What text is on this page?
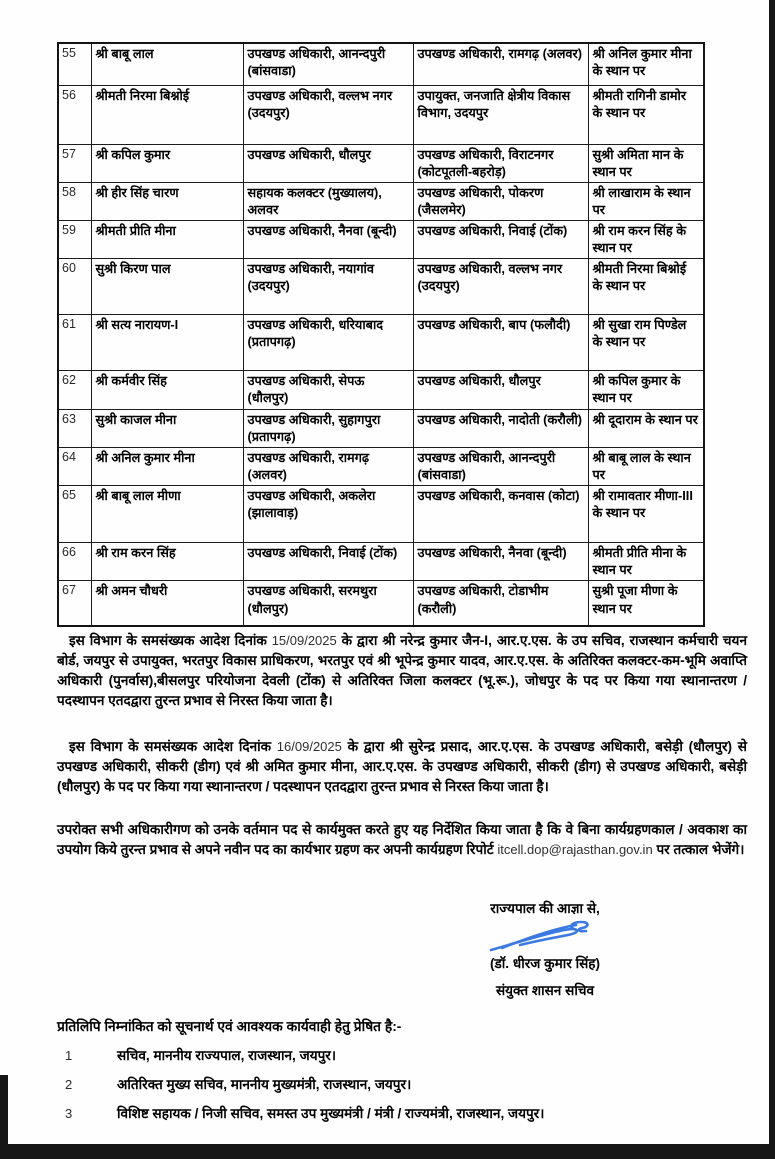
55	श्री बाबू लाल	उपखण्ड अधिकारी, आनन्दपुरी (बांसवाडा)	उपखण्ड अधिकारी, रामगढ़ (अलवर)	श्री अनिल कुमार मीना के स्थान पर
56	श्रीमती निरमा बिश्नोई	उपखण्ड अधिकारी, वल्लभ नगर (उदयपुर)	उपायुक्त, जनजाति क्षेत्रीय विकास विभाग, उदयपुर	श्रीमती रागिनी डामोर के स्थान पर
57	श्री कपिल कुमार	उपखण्ड अधिकारी, धौलपुर	उपखण्ड अधिकारी, विराटनगर (कोटपूतली-बहरोड़)	सुश्री अमिता मान के स्थान पर
58	श्री हीर सिंह चारण	सहायक कलक्टर (मुख्यालय), अलवर	उपखण्ड अधिकारी, पोकरण (जैसलमेर)	श्री लाखाराम के स्थान पर
59	श्रीमती प्रीति मीना	उपखण्ड अधिकारी, नैनवा (बून्दी)	उपखण्ड अधिकारी, निवाई (टोंक)	श्री राम करन सिंह के स्थान पर
60	सुश्री किरण पाल	उपखण्ड अधिकारी, नयागांव (उदयपुर)	उपखण्ड अधिकारी, वल्लभ नगर (उदयपुर)	श्रीमती निरमा बिश्नोई के स्थान पर
61	श्री सत्य नारायण-I	उपखण्ड अधिकारी, धरियाबाद (प्रतापगढ़)	उपखण्ड अधिकारी, बाप (फलौदी)	श्री सुखा राम पिण्डेल के स्थान पर
62	श्री कर्मवीर सिंह	उपखण्ड अधिकारी, सेपऊ (धौलपुर)	उपखण्ड अधिकारी, धौलपुर	श्री कपिल कुमार के स्थान पर
63	सुश्री काजल मीना	उपखण्ड अधिकारी, सुहागपुरा (प्रतापगढ़)	उपखण्ड अधिकारी, नादोती (करौली)	श्री दूदाराम के स्थान पर
64	श्री अनिल कुमार मीना	उपखण्ड अधिकारी, रामगढ़ (अलवर)	उपखण्ड अधिकारी, आनन्दपुरी (बांसवाडा)	श्री बाबू लाल के स्थान पर
65	श्री बाबू लाल मीणा	उपखण्ड अधिकारी, अकलेरा (झालावाड़)	उपखण्ड अधिकारी, कनवास (कोटा)	श्री रामावतार मीणा-III के स्थान पर
66	श्री राम करन सिंह	उपखण्ड अधिकारी, निवाई (टोंक)	उपखण्ड अधिकारी, नैनवा (बून्दी)	श्रीमती प्रीति मीना के स्थान पर
67	श्री अमन चौधरी	उपखण्ड अधिकारी, सरमथुरा (धौलपुर)	उपखण्ड अधिकारी, टोडाभीम (करौली)	सुश्री पूजा मीणा के स्थान पर
इस विभाग के समसंख्यक आदेश दिनांक 15/09/2025 के द्वारा श्री नरेन्द्र कुमार जैन-I, आर.ए.एस. के उप सचिव, राजस्थान कर्मचारी चयन बोर्ड, जयपुर से उपायुक्त, भरतपुर विकास प्राधिकरण, भरतपुर एवं श्री भूपेन्द्र कुमार यादव, आर.ए.एस. के अतिरिक्त कलक्टर-कम-भूमि अवाप्ति अधिकारी (पुनर्वास),बीसलपुर परियोजना देवली (टोंक) से अतिरिक्त जिला कलक्टर (भू.रू.), जोधपुर के पद पर किया गया स्थानान्तरण / पदस्थापन एतदद्वारा तुरन्त प्रभाव से निरस्त किया जाता है।
इस विभाग के समसंख्यक आदेश दिनांक 16/09/2025 के द्वारा श्री सुरेन्द्र प्रसाद, आर.ए.एस. के उपखण्ड अधिकारी, बसेड़ी (धौलपुर) से उपखण्ड अधिकारी, सीकरी (डीग) एवं श्री अमित कुमार मीना, आर.ए.एस. के उपखण्ड अधिकारी, सीकरी (डीग) से उपखण्ड अधिकारी, बसेड़ी (धौलपुर) के पद पर किया गया स्थानान्तरण / पदस्थापन एतदद्वारा तुरन्त प्रभाव से निरस्त किया जाता है।
उपरोक्त सभी अधिकारीगण को उनके वर्तमान पद से कार्यमुक्त करते हुए यह निर्देशित किया जाता है कि वे बिना कार्यग्रहणकाल / अवकाश का उपयोग किये तुरन्त प्रभाव से अपने नवीन पद का कार्यभार ग्रहण कर अपनी कार्यग्रहण रिपोर्ट itcell.dop@rajasthan.gov.in पर तत्काल भेजेंगे।
राज्यपाल की आज्ञा से,
(डॉ. धीरज कुमार सिंह)
संयुक्त शासन सचिव
प्रतिलिपि निम्नांकित को सूचनार्थ एवं आवश्यक कार्यवाही हेतु प्रेषित है:-
1	सचिव, माननीय राज्यपाल, राजस्थान, जयपुर।
2	अतिरिक्त मुख्य सचिव, माननीय मुख्यमंत्री, राजस्थान, जयपुर।
3	विशिष्ट सहायक / निजी सचिव, समस्त उप मुख्यमंत्री / मंत्री / राज्यमंत्री, राजस्थान, जयपुर।
